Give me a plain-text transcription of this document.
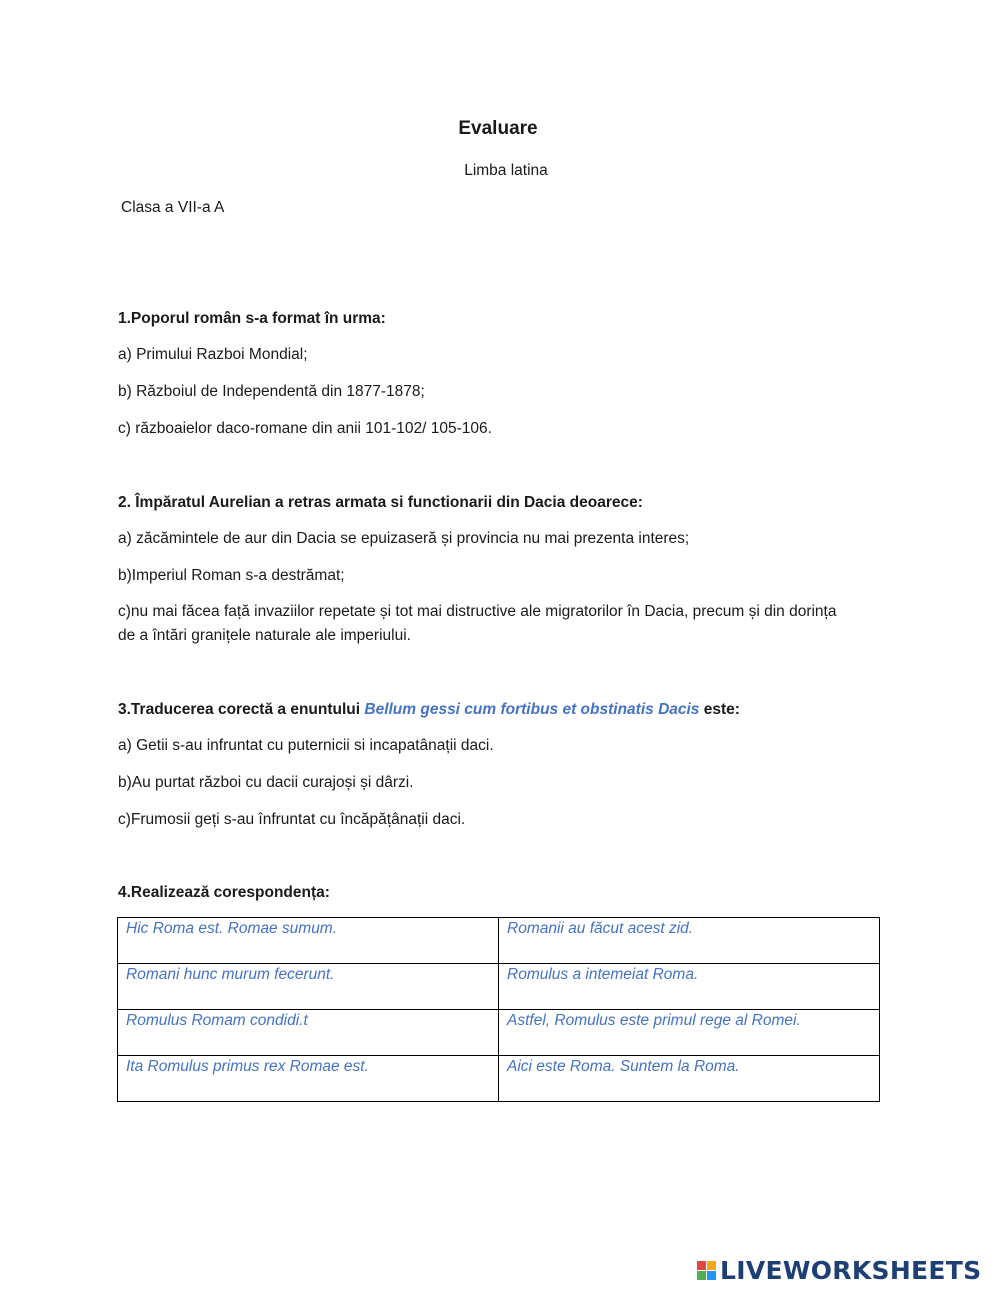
Evaluare

Limba latina

Clasa a VII-a A

1.Poporul român s-a format în urma:

a) Primului Razboi Mondial;

b) Războiul de Independentă din 1877-1878;

c) războaielor daco-romane din anii 101-102/ 105-106.

2. Împăratul Aurelian a retras armata si functionarii din Dacia deoarece:

a) zăcămintele de aur din Dacia se epuizaseră și provincia nu mai prezenta interes;

b)Imperiul Roman s-a destrămat;

c)nu mai făcea față invaziilor repetate și tot mai distructive ale migratorilor în Dacia, precum și din dorința de a întări granițele naturale ale imperiului.

3.Traducerea corectă a enuntului Bellum gessi cum fortibus et obstinatis Dacis este:

a) Getii s-au infruntat cu puternicii si incapatânații daci.

b)Au purtat război cu dacii curajoși și dârzi.

c)Frumosii geți s-au înfruntat cu încăpățânații daci.

4.Realizează corespondența:

Hic Roma est. Romae sumum.	Romanii au făcut acest zid.
Romani hunc murum fecerunt.	Romulus a intemeiat Roma.
Romulus Romam condidi.t	Astfel, Romulus este primul rege al Romei.
Ita Romulus primus rex Romae est.	Aici este Roma. Suntem la Roma.
LIVEWORKSHEETS
